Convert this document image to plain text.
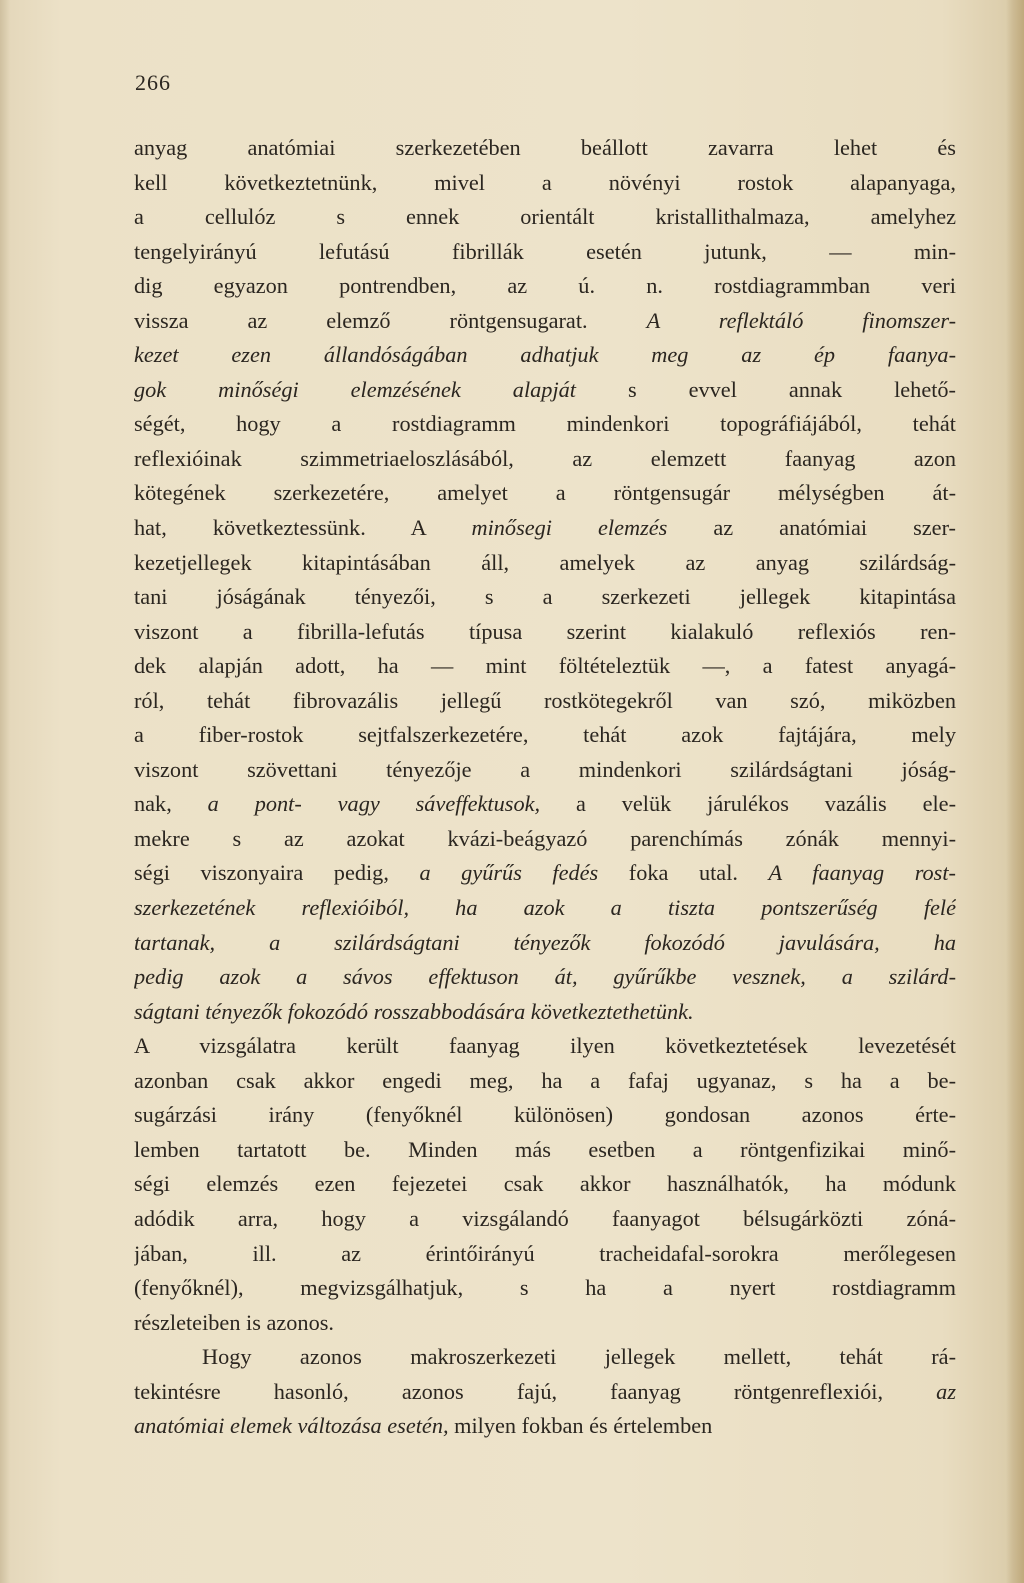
266
anyag anatómiai szerkezetében beállott zavarra lehet és
kell következtetnünk, mivel a növényi rostok alapanyaga,
a cellulóz s ennek orientált kristallithalmaza, amelyhez
tengelyirányú lefutású fibrillák esetén jutunk, — min-
dig egyazon pontrendben, az ú. n. rostdiagrammban veri
vissza az elemző röntgensugarat. A reflektáló finomszer-
kezet ezen állandóságában adhatjuk meg az ép faanya-
gok minőségi elemzésének alapját s evvel annak lehető-
ségét, hogy a rostdiagramm mindenkori topográfiájából, tehát
reflexióinak szimmetriaeloszlásából, az elemzett faanyag azon
kötegének szerkezetére, amelyet a röntgensugár mélységben át-
hat, következtessünk. A minősegi elemzés az anatómiai szer-
kezetjellegek kitapintásában áll, amelyek az anyag szilárdság-
tani jóságának tényezői, s a szerkezeti jellegek kitapintása
viszont a fibrilla-lefutás típusa szerint kialakuló reflexiós ren-
dek alapján adott, ha — mint föltételeztük —, a fatest anyagá-
ról, tehát fibrovazális jellegű rostkötegekről van szó, miközben
a fiber-rostok sejtfalszerkezetére, tehát azok fajtájára, mely
viszont szövettani tényezője a mindenkori szilárdságtani jóság-
nak, a pont- vagy sáveffektusok, a velük járulékos vazális ele-
mekre s az azokat kvázi-beágyazó parenchímás zónák mennyi-
ségi viszonyaira pedig, a gyűrűs fedés foka utal. A faanyag rost-
szerkezetének reflexióiból, ha azok a tiszta pontszerűség felé
tartanak, a szilárdságtani tényezők fokozódó javulására, ha
pedig azok a sávos effektuson át, gyűrűkbe vesznek, a szilárd-
ságtani tényezők fokozódó rosszabbodására következtethetünk.
A vizsgálatra került faanyag ilyen következtetések levezetését
azonban csak akkor engedi meg, ha a fafaj ugyanaz, s ha a be-
sugárzási irány (fenyőknél különösen) gondosan azonos érte-
lemben tartatott be. Minden más esetben a röntgenfizikai minő-
ségi elemzés ezen fejezetei csak akkor használhatók, ha módunk
adódik arra, hogy a vizsgálandó faanyagot bélsugárközti zóná-
jában, ill. az érintőirányú tracheidafal-sorokra merőlegesen
(fenyőknél), megvizsgálhatjuk, s ha a nyert rostdiagramm
részleteiben is azonos.
Hogy azonos makroszerkezeti jellegek mellett, tehát rá-
tekintésre hasonló, azonos fajú, faanyag röntgenreflexiói, az
anatómiai elemek változása esetén, milyen fokban és értelemben
